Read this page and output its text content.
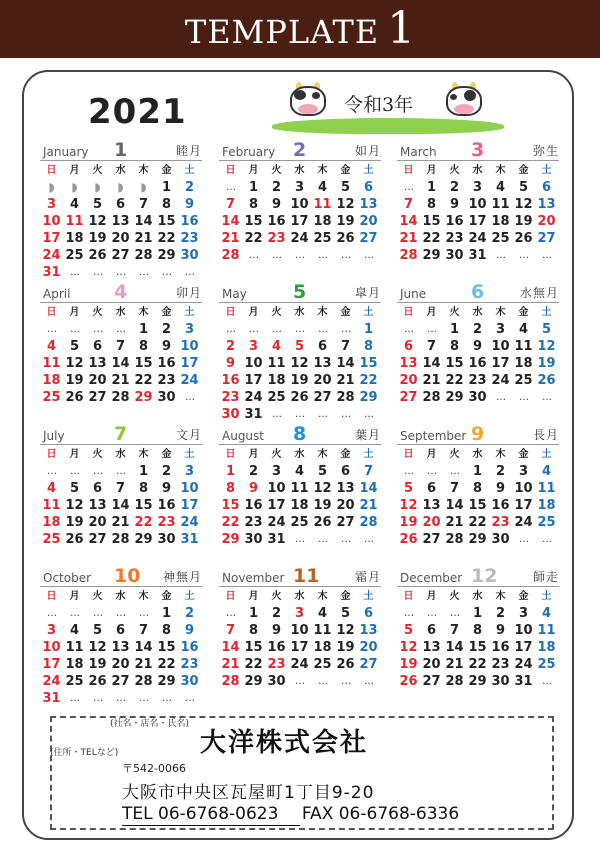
TEMPLATE 1
2021	令和3年
January 1	睦月
日	月	火	水	木	金	土
◗	◗	◗	◗	◗	1	2
3	4	5	6	7	8	9
10 11 12 13 14 15 16
17 18 19 20 21 22 23
24 25 26 27 28 29 30
31 …	…	…	…	…	…
February 2	如月
日	月	火	水	木	金	土
…	1	2	3	4	5	6
7	8	9 10 11 12 13
14 15 16 17 18 19 20
21 22 23 24 25 26 27
28 …	…	…	…	…	…
March 3	弥生
日	月	火	水	木	金	土
…	1	2	3	4	5	6
7	8	9 10 11 12 13
14 15 16 17 18 19 20
21 22 23 24 25 26 27
28 29 30 31 …	…	…
April 4	卯月
日	月	火	水	木	金	土
…	…	…	…	1	2	3
4	5	6	7	8	9 10
11 12 13 14 15 16 17
18 19 20 21 22 23 24
25 26 27 28 29 30 …
May 5	皐月
日	月	火	水	木	金	土
…	…	…	…	…	…	1
2	3	4	5	6	7	8
9 10 11 12 13 14 15
16 17 18 19 20 21 22
23 24 25 26 27 28 29
30 31 …	…	…	…	…
June 6	水無月
日	月	火	水	木	金	土
…	…	1	2	3	4	5
6	7	8	9 10 11 12
13 14 15 16 17 18 19
20 21 22 23 24 25 26
27 28 29 30 …	…	…
July	7	文月
日	月	火	水	木	金	土
…	…	…	…	1	2	3
4	5	6	7	8	9 10
11 12 13 14 15 16 17
18 19 20 21 22 23 24
25 26 27 28 29 30 31
August 8	葉月
日	月	火	水	木	金	土
1	2	3	4	5	6	7
8	9 10 11 12 13 14
15 16 17 18 19 20 21
22 23 24 25 26 27 28
29 30 31 …	…	…	…
September 9	長月
日	月	火	水	木	金	土
…	…	…	1	2	3	4
5	6	7	8	9 10 11
12 13 14 15 16 17 18
19 20 21 22 23 24 25
26 27 28 29 30 …	…
October 10 神無月
日	月	火	水	木	金	土
…	…	…	…	…	1	2
3	4	5	6	7	8	9
10 11 12 13 14 15 16
17 18 19 20 21 22 23
24 25 26 27 28 29 30
31 …	…	…	…	…	…
November 11	霜月
日	月	火	水	木	金	土
…	1	2	3	4	5	6
7	8	9 10 11 12 13
14 15 16 17 18 19 20
21 22 23 24 25 26 27
28 29 30 …	…	…	…
December 12	師走
日	月	火	水	木	金	土
…	…	…	1	2	3	4
5	6	7	8	9 10 11
12 13 14 15 16 17 18
19 20 21 22 23 24 25
26 27 28 29 30 31 …
(社名・店名・氏名)
大洋株式会社
(住所・TELなど)
〒542-0066
大阪市中央区瓦屋町1丁目9-20
TEL 06-6768-0623 FAX 06-6768-6336
